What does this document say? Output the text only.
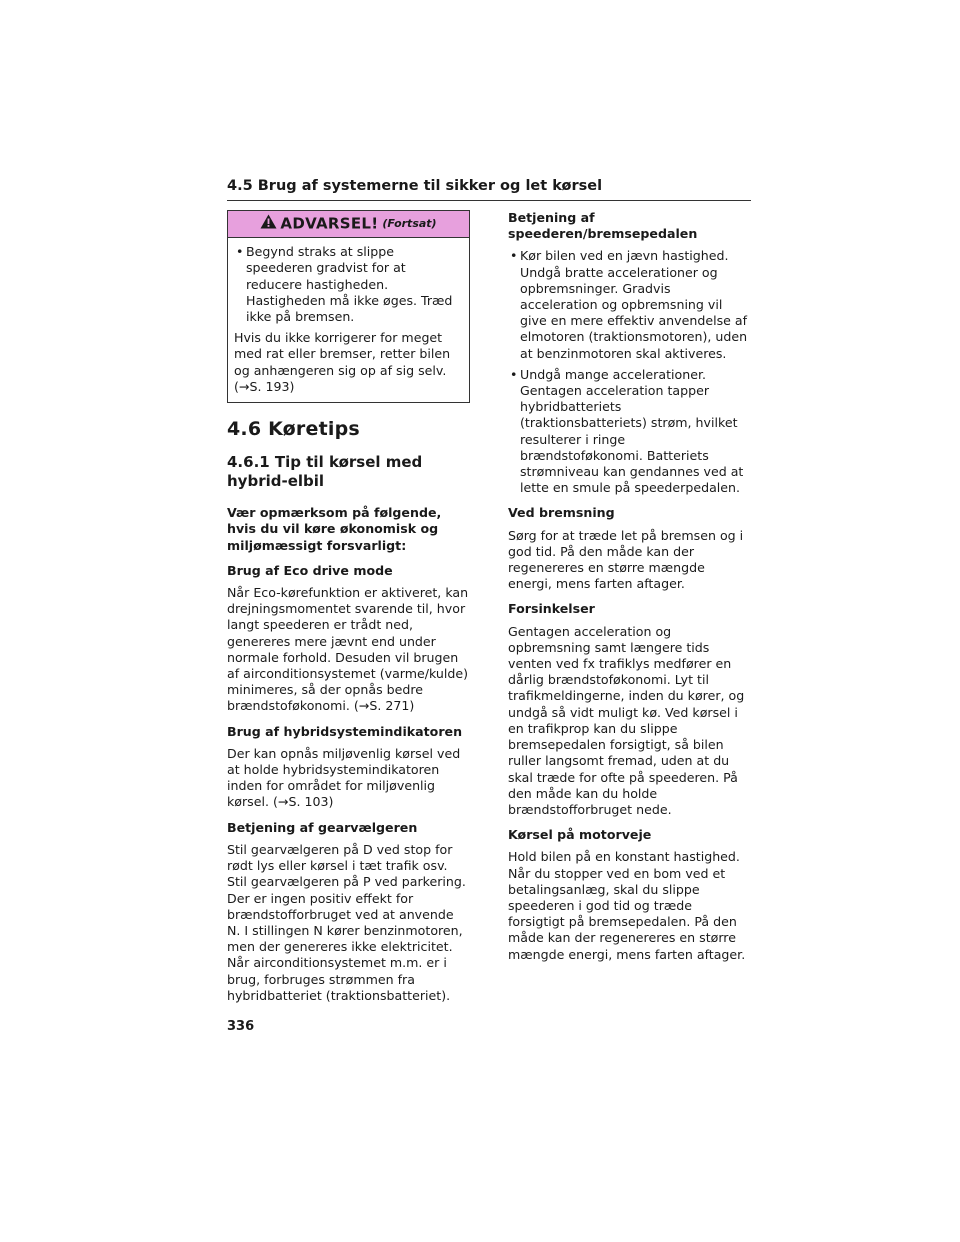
4.5 Brug af systemerne til sikker og let kørsel
ADVARSEL! (Fortsat)
• Begynd straks at slippe speederen gradvist for at reducere hastigheden. Hastigheden må ikke øges. Træd ikke på bremsen.
Hvis du ikke korrigerer for meget med rat eller bremser, retter bilen og anhængeren sig op af sig selv. (→S. 193)
4.6 Køretips
4.6.1 Tip til kørsel med hybrid-elbil
Vær opmærksom på følgende, hvis du vil køre økonomisk og miljømæssigt forsvarligt:
Brug af Eco drive mode
Når Eco-kørefunktion er aktiveret, kan drejningsmomentet svarende til, hvor langt speederen er trådt ned, genereres mere jævnt end under normale forhold. Desuden vil brugen af airconditionsystemet (varme/kulde) minimeres, så der opnås bedre brændstoføkonomi. (→S. 271)
Brug af hybridsystemindikatoren
Der kan opnås miljøvenlig kørsel ved at holde hybridsystemindikatoren inden for området for miljøvenlig kørsel. (→S. 103)
Betjening af gearvælgeren
Stil gearvælgeren på D ved stop for rødt lys eller kørsel i tæt trafik osv. Stil gearvælgeren på P ved parkering. Der er ingen positiv effekt for brændstofforbruget ved at anvende N. I stillingen N kører benzinmotoren, men der genereres ikke elektricitet. Når airconditionsystemet m.m. er i brug, forbruges strømmen fra hybridbatteriet (traktionsbatteriet).
Betjening af speederen/bremsepedalen
• Kør bilen ved en jævn hastighed. Undgå bratte accelerationer og opbremsninger. Gradvis acceleration og opbremsning vil give en mere effektiv anvendelse af elmotoren (traktionsmotoren), uden at benzinmotoren skal aktiveres.
• Undgå mange accelerationer. Gentagen acceleration tapper hybridbatteriets (traktionsbatteriets) strøm, hvilket resulterer i ringe brændstoføkonomi. Batteriets strømniveau kan gendannes ved at lette en smule på speederpedalen.
Ved bremsning
Sørg for at træde let på bremsen og i god tid. På den måde kan der regenereres en større mængde energi, mens farten aftager.
Forsinkelser
Gentagen acceleration og opbremsning samt længere tids venten ved fx trafiklys medfører en dårlig brændstoføkonomi. Lyt til trafikmeldingerne, inden du kører, og undgå så vidt muligt kø. Ved kørsel i en trafikprop kan du slippe bremsepedalen forsigtigt, så bilen ruller langsomt fremad, uden at du skal træde for ofte på speederen. På den måde kan du holde brændstofforbruget nede.
Kørsel på motorveje
Hold bilen på en konstant hastighed. Når du stopper ved en bom ved et betalingsanlæg, skal du slippe speederen i god tid og træde forsigtigt på bremsepedalen. På den måde kan der regenereres en større mængde energi, mens farten aftager.
336
